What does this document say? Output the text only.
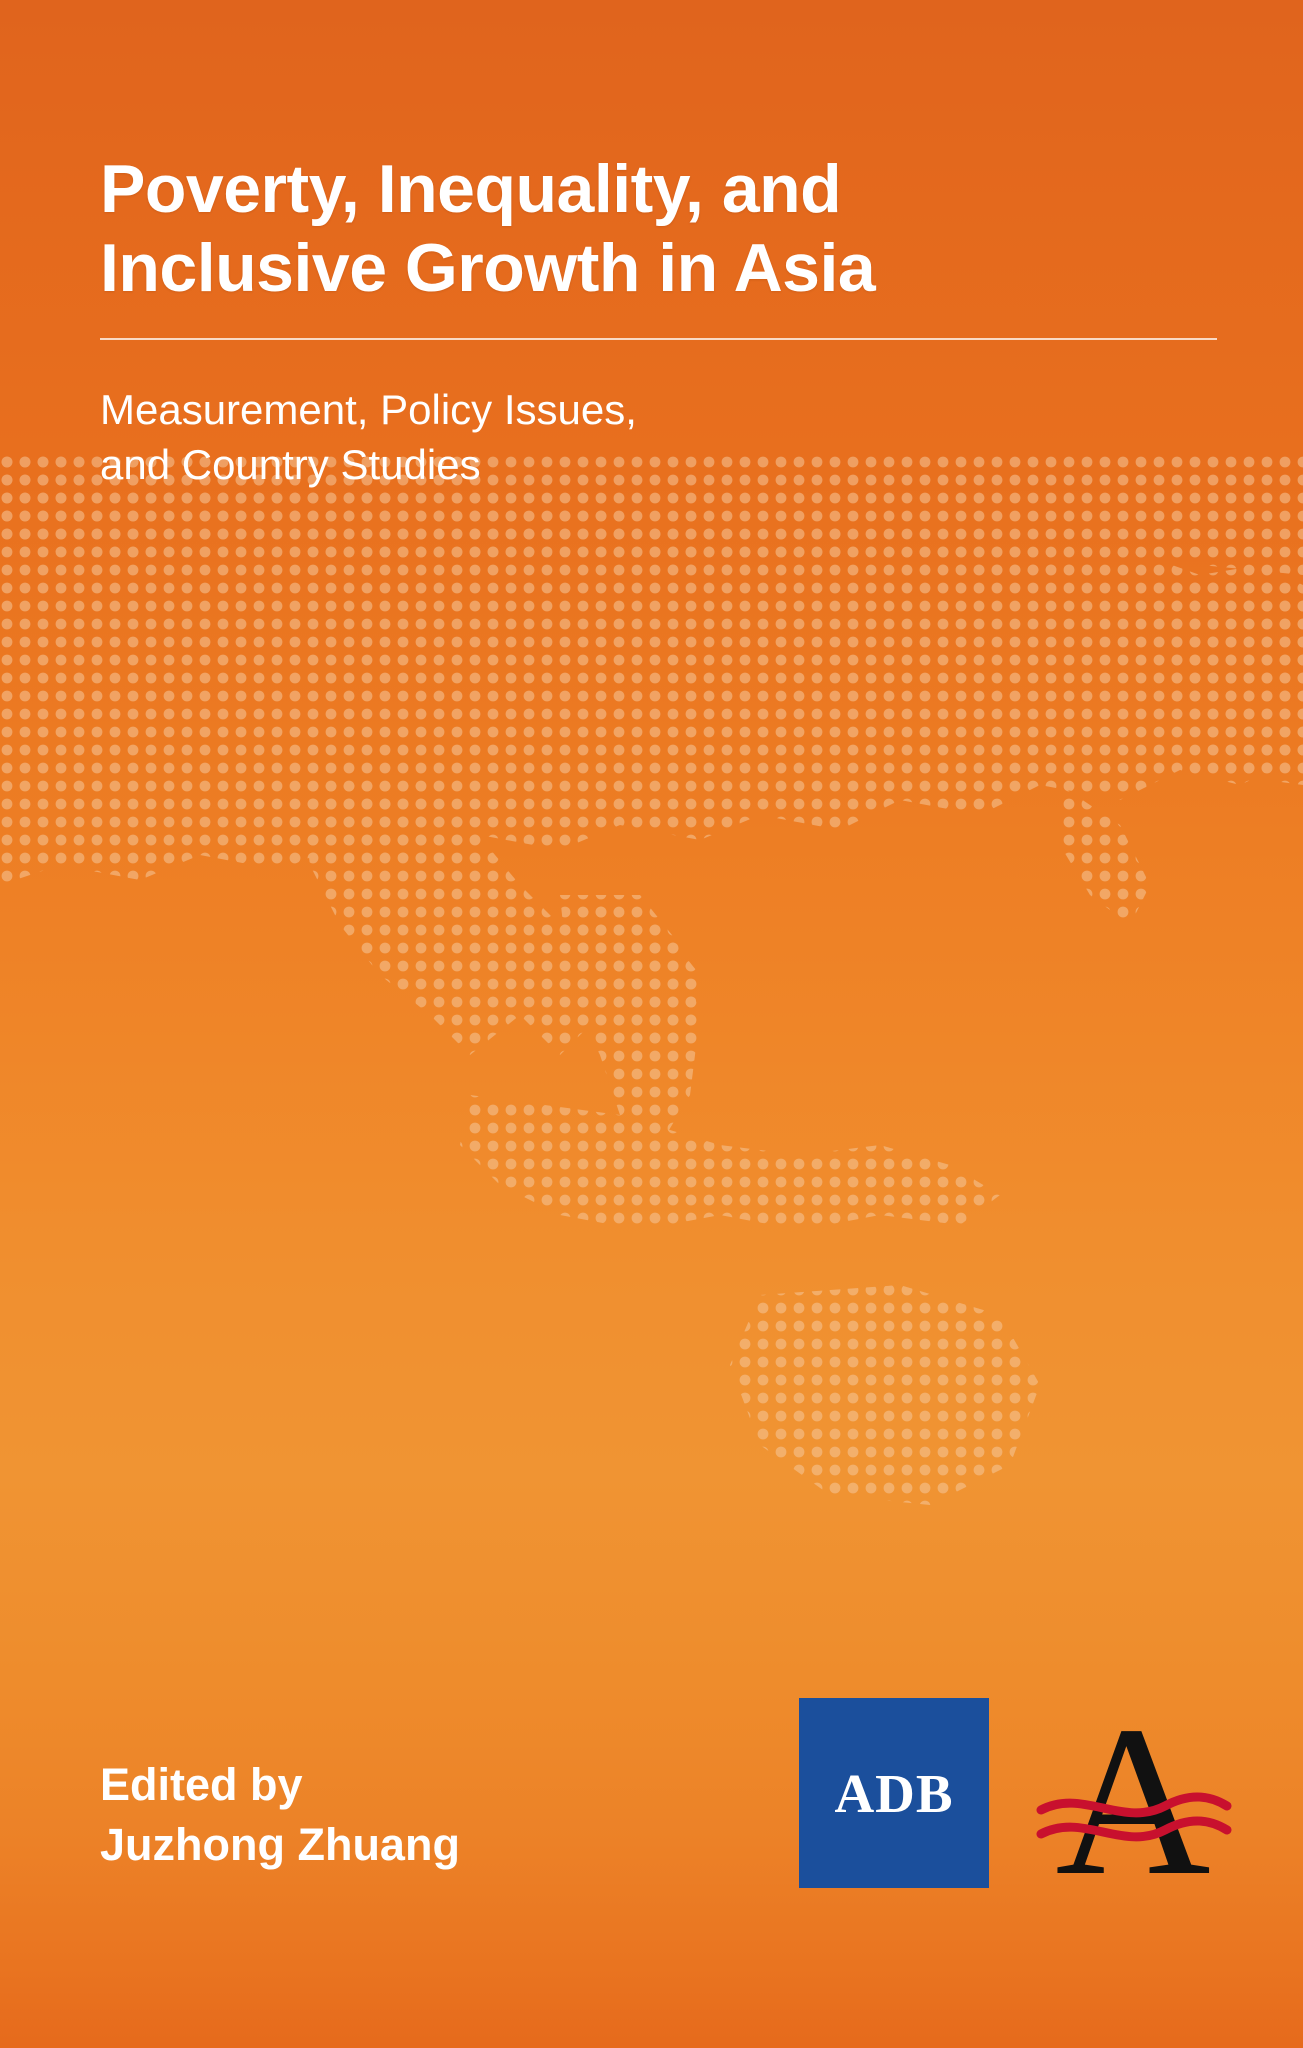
Poverty, Inequality, and
Inclusive Growth in Asia
Measurement, Policy Issues,
and Country Studies
Edited by
Juzhong Zhuang
ADB A
